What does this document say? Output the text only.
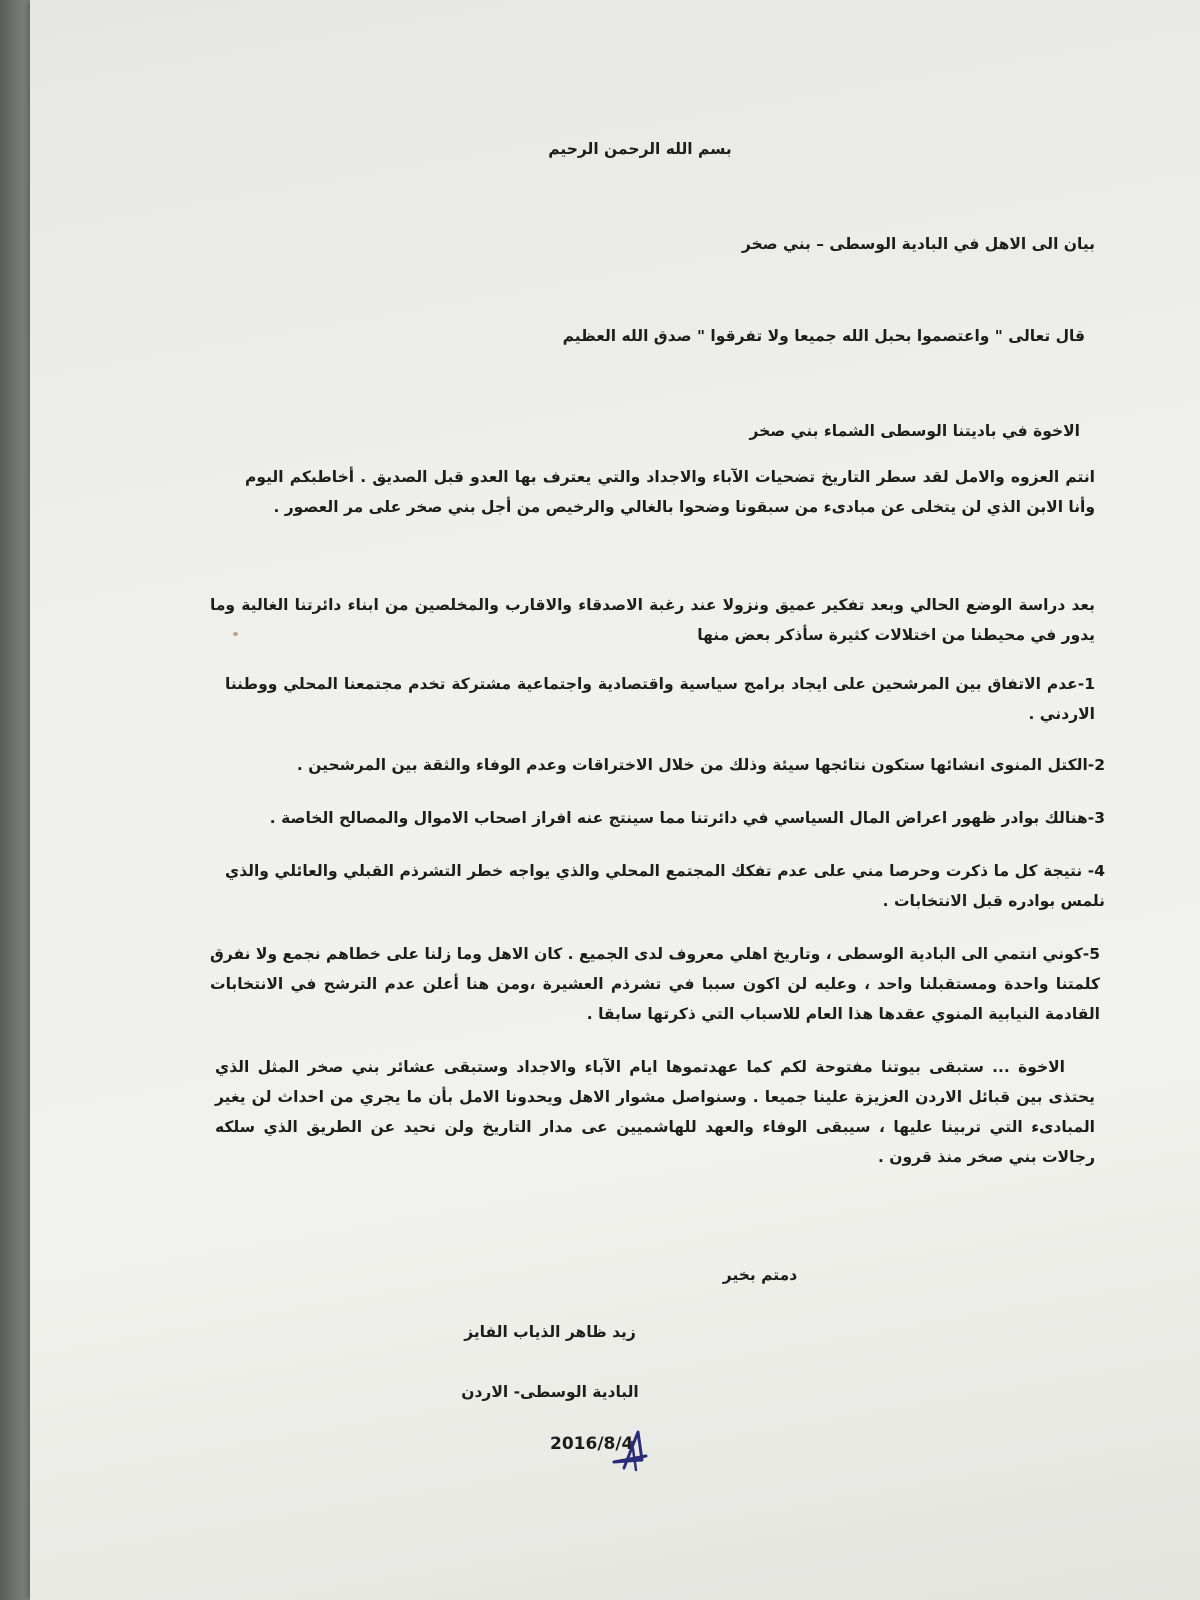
بسم الله الرحمن الرحيم

بيان الى الاهل في البادية الوسطى – بني صخر

قال تعالى " واعتصموا بحبل الله جميعا ولا تفرقوا " صدق الله العظيم

الاخوة في باديتنا الوسطى الشماء بني صخر

انتم العزوه والامل لقد سطر التاريخ تضحيات الآباء والاجداد والتي يعترف بها العدو قبل الصديق . أخاطبكم اليوم وأنا الابن الذي لن يتخلى عن مبادىء من سبقونا وضحوا بالغالي والرخيص من أجل بني صخر على مر العصور .

بعد دراسة الوضع الحالي وبعد تفكير عميق ونزولا عند رغبة الاصدقاء والاقارب والمخلصين من ابناء دائرتنا الغالية وما يدور في محيطنا من اختلالات كثيرة سأذكر بعض منها

1-عدم الاتفاق بين المرشحين على ايجاد برامج سياسية واقتصادية واجتماعية مشتركة تخدم مجتمعنا المحلي ووطننا الاردني .

2-الكتل المنوى انشائها ستكون نتائجها سيئة وذلك من خلال الاختراقات وعدم الوفاء والثقة بين المرشحين .

3-هنالك بوادر ظهور اعراض المال السياسي في دائرتنا مما سينتج عنه افراز اصحاب الاموال والمصالح الخاصة .

4- نتيجة كل ما ذكرت وحرصا مني على عدم تفكك المجتمع المحلي والذي يواجه خطر التشرذم القبلي والعائلي والذي نلمس بوادره قبل الانتخابات .

5-كوني انتمي الى البادية الوسطى ، وتاريخ اهلي معروف لدى الجميع . كان الاهل وما زلنا على خطاهم نجمع ولا نفرق كلمتنا واحدة ومستقبلنا واحد ، وعليه لن اكون سببا في تشرذم العشيرة ،ومن هنا أعلن عدم الترشح في الانتخابات القادمة النيابية المنوي عقدها هذا العام للاسباب التي ذكرتها سابقا .

الاخوة ... ستبقى بيوتنا مفتوحة لكم كما عهدتموها ايام الآباء والاجداد وستبقى عشائر بني صخر المثل الذي يحتذى بين قبائل الاردن العزيزة علينا جميعا . وسنواصل مشوار الاهل ويحدونا الامل بأن ما يجري من احداث لن يغير المبادىء التي تربينا عليها ، سيبقى الوفاء والعهد للهاشميين عى مدار التاريخ ولن نحيد عن الطريق الذي سلكه رجالات بني صخر منذ قرون .

دمتم بخير

زيد ظاهر الذياب الفايز

البادية الوسطى- الاردن

2016/8/4
